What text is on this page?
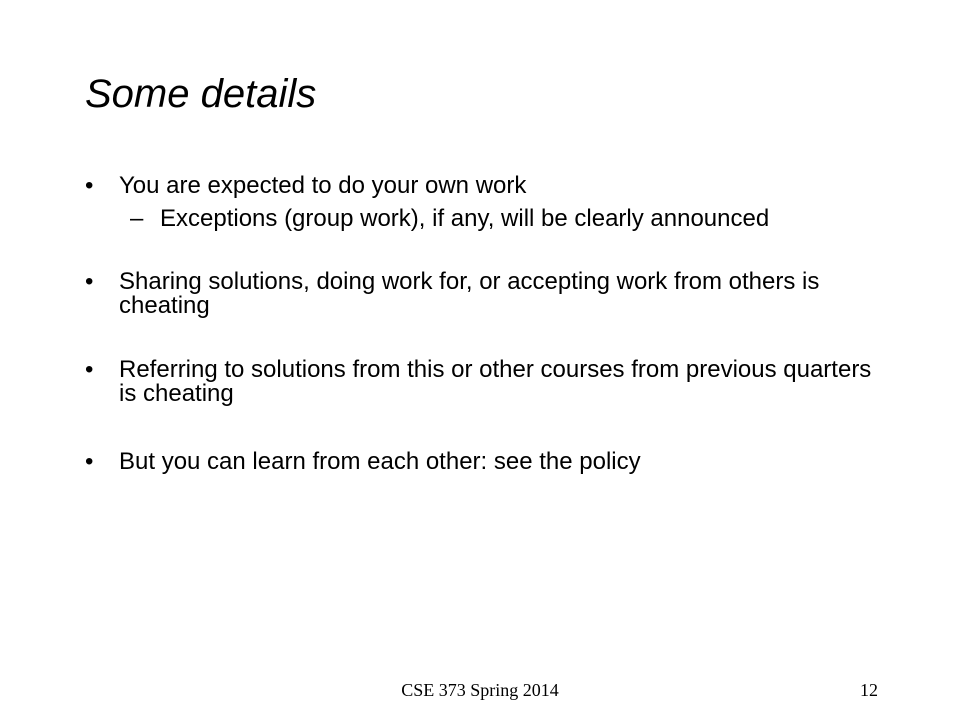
Some details
•	You are expected to do your own work
– Exceptions (group work), if any, will be clearly announced
•	Sharing solutions, doing work for, or accepting work from others is cheating
•	Referring to solutions from this or other courses from previous quarters is cheating
•	But you can learn from each other: see the policy
CSE 373 Spring 2014	12
